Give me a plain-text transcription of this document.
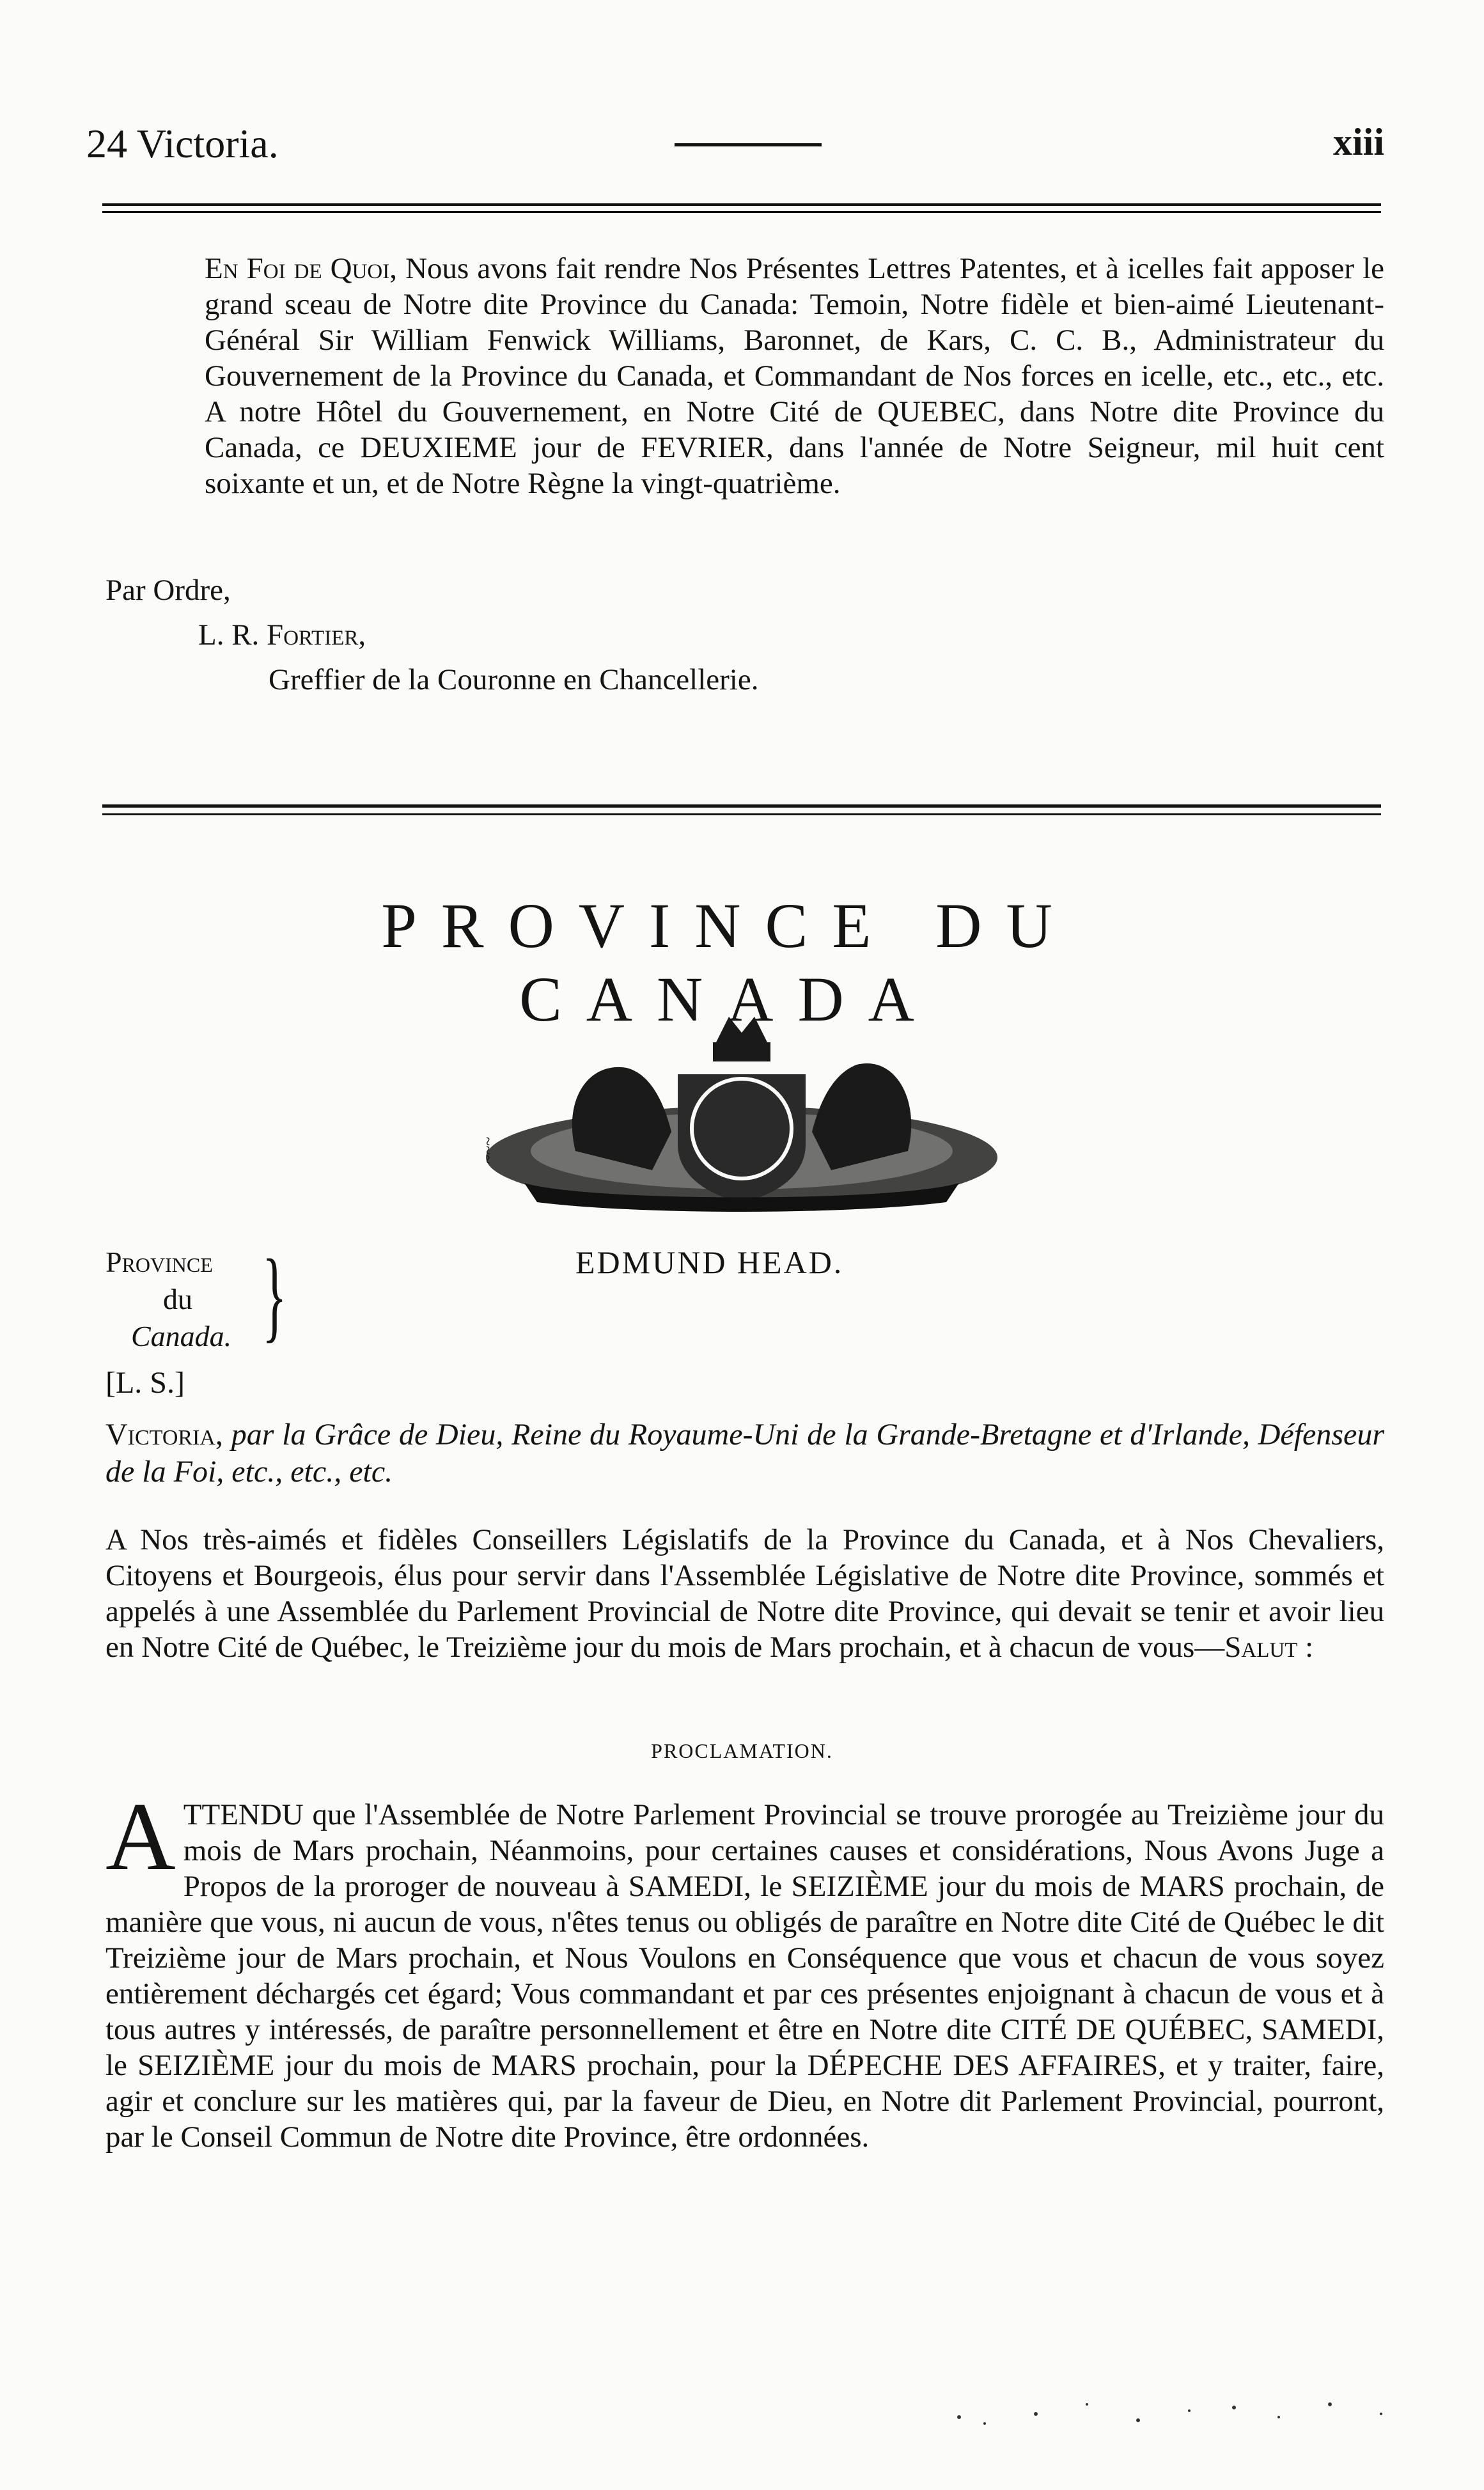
24 Victoria.	xiii
En Foi de Quoi, Nous avons fait rendre Nos Présentes Lettres Patentes, et à icelles fait apposer le grand sceau de Notre dite Province du Canada: Temoin, Notre fidèle et bien-aimé Lieutenant-Général Sir William Fenwick Williams, Baronnet, de Kars, C. C. B., Administrateur du Gouvernement de la Province du Canada, et Commandant de Nos forces en icelle, etc., etc., etc. A notre Hôtel du Gouvernement, en Notre Cité de QUEBEC, dans Notre dite Province du Canada, ce DEUXIEME jour de FEVRIER, dans l'année de Notre Seigneur, mil huit cent soixante et un, et de Notre Règne la vingt-quatrième.
Par Ordre,
L. R. Fortier,
Greffier de la Couronne en Chancellerie.
PROVINCE DU CANADA
~~~
Province
du
Canada. }	EDMUND HEAD.
[L. S.]
Victoria, par la Grâce de Dieu, Reine du Royaume-Uni de la Grande-Bretagne et d'Irlande, Défenseur de la Foi, etc., etc., etc.
A Nos très-aimés et fidèles Conseillers Législatifs de la Province du Canada, et à Nos Chevaliers, Citoyens et Bourgeois, élus pour servir dans l'Assemblée Législative de Notre dite Province, sommés et appelés à une Assemblée du Parlement Provincial de Notre dite Province, qui devait se tenir et avoir lieu en Notre Cité de Québec, le Treizième jour du mois de Mars prochain, et à chacun de vous—Salut :
PROCLAMATION.
ATTENDU que l'Assemblée de Notre Parlement Provincial se trouve prorogée au Treizième jour du mois de Mars prochain, Néanmoins, pour certaines causes et considérations, Nous Avons Juge a Propos de la proroger de nouveau à SAMEDI, le SEIZIÈME jour du mois de MARS prochain, de manière que vous, ni aucun de vous, n'êtes tenus ou obligés de paraître en Notre dite Cité de Québec le dit Treizième jour de Mars prochain, et Nous Voulons en Conséquence que vous et chacun de vous soyez entièrement déchargés cet égard; Vous commandant et par ces présentes enjoignant à chacun de vous et à tous autres y intéressés, de paraître personnellement et être en Notre dite CITÉ DE QUÉBEC, SAMEDI, le SEIZIÈME jour du mois de MARS prochain, pour la DÉPECHE DES AFFAIRES, et y traiter, faire, agir et conclure sur les matières qui, par la faveur de Dieu, en Notre dit Parlement Provincial, pourront, par le Conseil Commun de Notre dite Province, être ordonnées.
